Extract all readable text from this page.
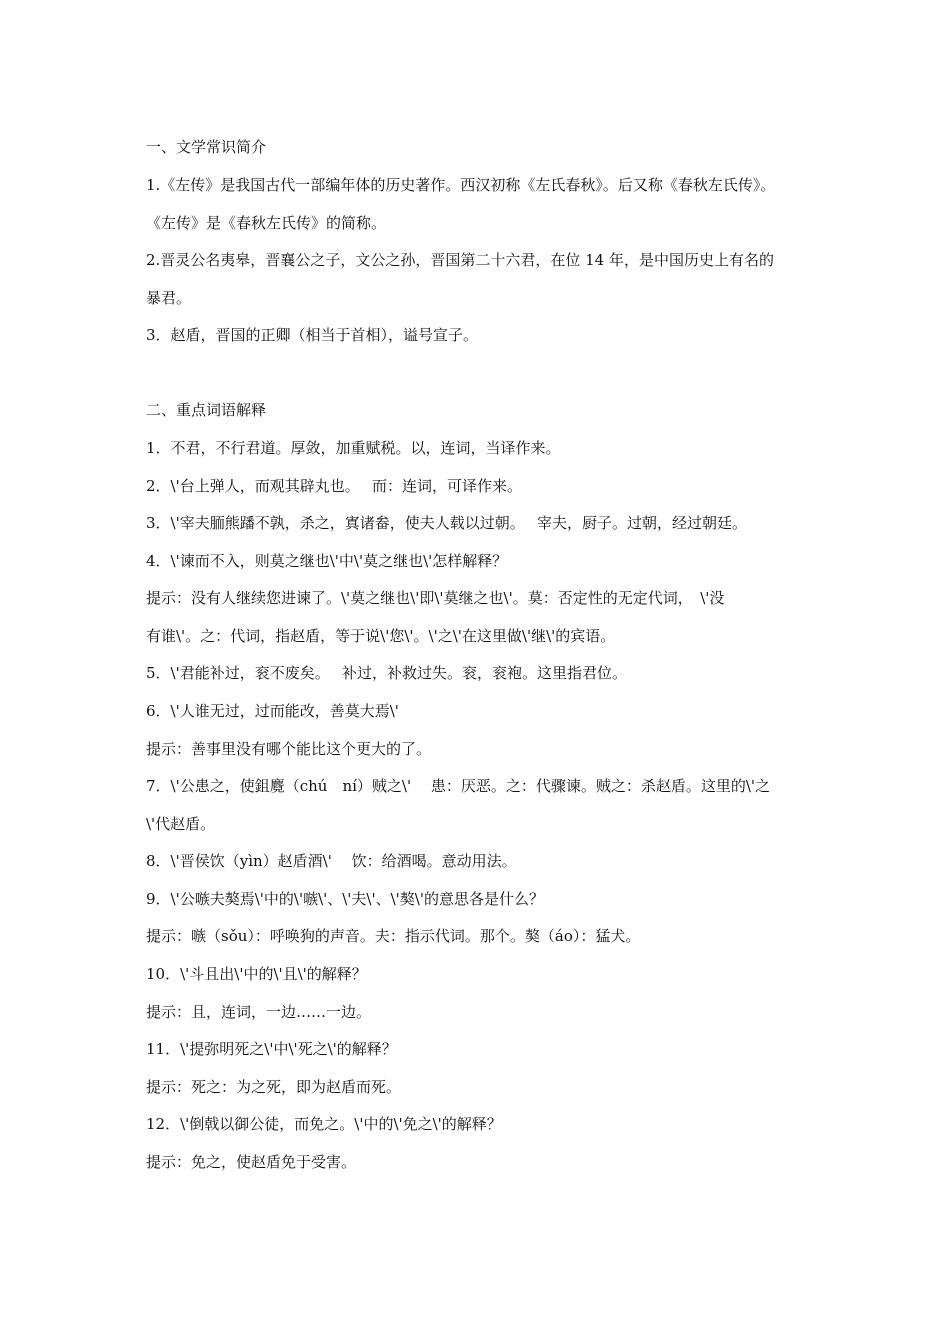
一、文学常识简介
1.《左传》是我国古代一部编年体的历史著作。西汉初称《左氏春秋》。后又称《春秋左氏传》。
《左传》是《春秋左氏传》的简称。
2.晋灵公名夷皋，晋襄公之子，文公之孙，晋国第二十六君，在位 14 年，是中国历史上有名的
暴君。
3．赵盾，晋国的正卿（相当于首相），谥号宣子。
二、重点词语解释
1．不君，不行君道。厚敛，加重赋税。以，连词，当译作来。
2．\'台上弹人，而观其辟丸也。　 而：连词，可译作来。
3．\'宰夫胹熊蹯不孰，杀之，寘诸畚，使夫人载以过朝。　 宰夫，厨子。过朝，经过朝廷。
4．\'谏而不入，则莫之继也\'中\'莫之继也\'怎样解释？
提示：没有人继续您进谏了。\'莫之继也\'即\'莫继之也\'。莫：否定性的无定代词，　\'没
有谁\'。之：代词，指赵盾，等于说\'您\'。\'之\'在这里做\'继\'的宾语。
5．\'君能补过，衮不废矣。　 补过，补救过失。衮，衮袍。这里指君位。
6．\'人谁无过，过而能改，善莫大焉\'
提示：善事里没有哪个能比这个更大的了。
7．\'公患之，使鉏麑（chú　ní）贼之\'　 患：厌恶。之：代骤谏。贼之：杀赵盾。这里的\'之
\'代赵盾。
8．\'晋侯饮（yìn）赵盾酒\'　 饮：给酒喝。意动用法。
9．\'公嗾夫獒焉\'中的\'嗾\'、\'夫\'、\'獒\'的意思各是什么？
提示：嗾（sǒu）：呼唤狗的声音。夫：指示代词。那个。獒（áo）：猛犬。
10．\'斗且出\'中的\'且\'的解释？
提示：且，连词，一边……一边。
11．\'提弥明死之\'中\'死之\'的解释？
提示：死之：为之死，即为赵盾而死。
12．\'倒戟以御公徒，而免之。\'中的\'免之\'的解释？
提示：免之，使赵盾免于受害。
